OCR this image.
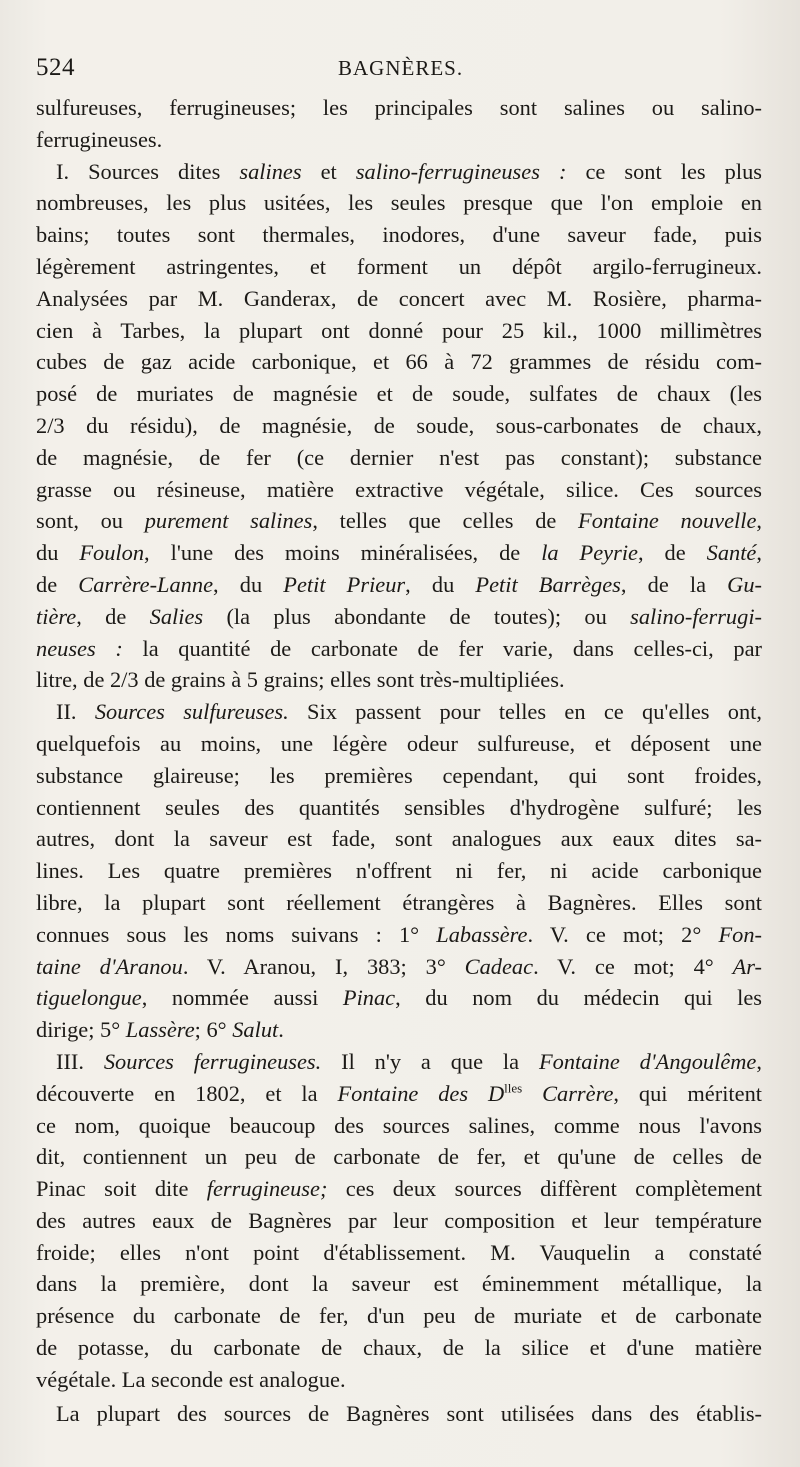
524	BAGNÈRES.
sulfureuses, ferrugineuses; les principales sont salines ou salino-
ferrugineuses.
I. Sources dites salines et salino-ferrugineuses : ce sont les plus
nombreuses, les plus usitées, les seules presque que l'on emploie en
bains; toutes sont thermales, inodores, d'une saveur fade, puis
légèrement astringentes, et forment un dépôt argilo-ferrugineux.
Analysées par M. Ganderax, de concert avec M. Rosière, pharma-
cien à Tarbes, la plupart ont donné pour 25 kil., 1000 millimètres
cubes de gaz acide carbonique, et 66 à 72 grammes de résidu com-
posé de muriates de magnésie et de soude, sulfates de chaux (les
2/3 du résidu), de magnésie, de soude, sous-carbonates de chaux,
de magnésie, de fer (ce dernier n'est pas constant); substance
grasse ou résineuse, matière extractive végétale, silice. Ces sources
sont, ou purement salines, telles que celles de Fontaine nouvelle,
du Foulon, l'une des moins minéralisées, de la Peyrie, de Santé,
de Carrère-Lanne, du Petit Prieur, du Petit Barrèges, de la Gu-
tière, de Salies (la plus abondante de toutes); ou salino-ferrugi-
neuses : la quantité de carbonate de fer varie, dans celles-ci, par
litre, de 2/3 de grains à 5 grains; elles sont très-multipliées.
II. Sources sulfureuses. Six passent pour telles en ce qu'elles ont,
quelquefois au moins, une légère odeur sulfureuse, et déposent une
substance glaireuse; les premières cependant, qui sont froides,
contiennent seules des quantités sensibles d'hydrogène sulfuré; les
autres, dont la saveur est fade, sont analogues aux eaux dites sa-
lines. Les quatre premières n'offrent ni fer, ni acide carbonique
libre, la plupart sont réellement étrangères à Bagnères. Elles sont
connues sous les noms suivans : 1° Labassère. V. ce mot; 2° Fon-
taine d'Aranou. V. Aranou, I, 383; 3° Cadeac. V. ce mot; 4° Ar-
tiguelongue, nommée aussi Pinac, du nom du médecin qui les
dirige; 5° Lassère; 6° Salut.
III. Sources ferrugineuses. Il n'y a que la Fontaine d'Angoulême,
découverte en 1802, et la Fontaine des $D^{lles}$ Carrère, qui méritent
ce nom, quoique beaucoup des sources salines, comme nous l'avons
dit, contiennent un peu de carbonate de fer, et qu'une de celles de
Pinac soit dite ferrugineuse; ces deux sources diffèrent complètement
des autres eaux de Bagnères par leur composition et leur température
froide; elles n'ont point d'établissement. M. Vauquelin a constaté
dans la première, dont la saveur est éminemment métallique, la
présence du carbonate de fer, d'un peu de muriate et de carbonate
de potasse, du carbonate de chaux, de la silice et d'une matière
végétale. La seconde est analogue.
La plupart des sources de Bagnères sont utilisées dans des établis-
